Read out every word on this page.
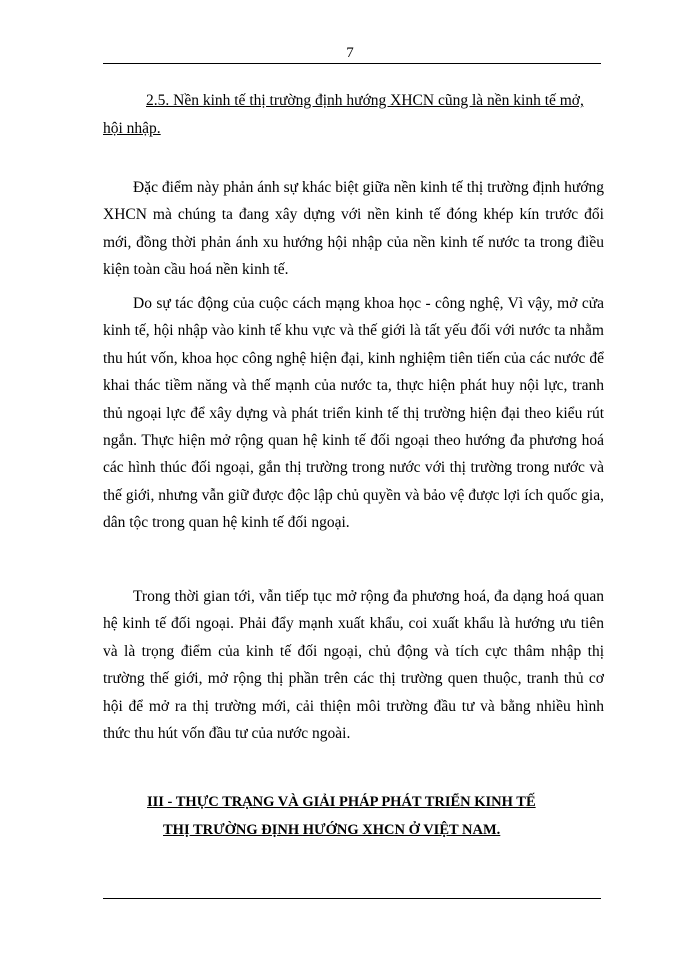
7

2.5. Nền kinh tế thị trường định hướng XHCN cũng là nền kinh tế mở, hội nhập.

Đặc điểm này phản ánh sự khác biệt giữa nền kinh tế thị trường định hướng XHCN mà chúng ta đang xây dựng với nền kinh tế đóng khép kín trước đổi mới, đồng thời phản ánh xu hướng hội nhập của nền kinh tế nước ta trong điều kiện toàn cầu hoá nền kinh tế.

Do sự tác động của cuộc cách mạng khoa học - công nghệ, Vì vậy, mở cửa kinh tế, hội nhập vào kinh tế khu vực và thế giới là tất yếu đối với nước ta nhằm thu hút vốn, khoa học công nghệ hiện đại, kinh nghiệm tiên tiến của các nước để khai thác tiềm năng và thế mạnh của nước ta, thực hiện phát huy nội lực, tranh thủ ngoại lực để xây dựng và phát triển kinh tế thị trường hiện đại theo kiểu rút ngắn. Thực hiện mở rộng quan hệ kinh tế đối ngoại theo hướng đa phương hoá các hình thúc đối ngoại, gắn thị trường trong nước với thị trường trong nước và thế giới, nhưng vẫn giữ được độc lập chủ quyền và bảo vệ được lợi ích quốc gia, dân tộc trong quan hệ kinh tế đối ngoại.

Trong thời gian tới, vẫn tiếp tục mở rộng đa phương hoá, đa dạng hoá quan hệ kinh tế đối ngoại. Phải đẩy mạnh xuất khẩu, coi xuất khẩu là hướng ưu tiên và là trọng điểm của kinh tế đối ngoại, chủ động và tích cực thâm nhập thị trường thế giới, mở rộng thị phần trên các thị trường quen thuộc, tranh thủ cơ hội để mở ra thị trường mới, cải thiện môi trường đầu tư và bằng nhiều hình thức thu hút vốn đầu tư của nước ngoài.

III - THỰC TRẠNG VÀ GIẢI PHÁP PHÁT TRIỂN KINH TẾ
THỊ TRƯỜNG ĐỊNH HƯỚNG XHCN Ở VIỆT NAM.
